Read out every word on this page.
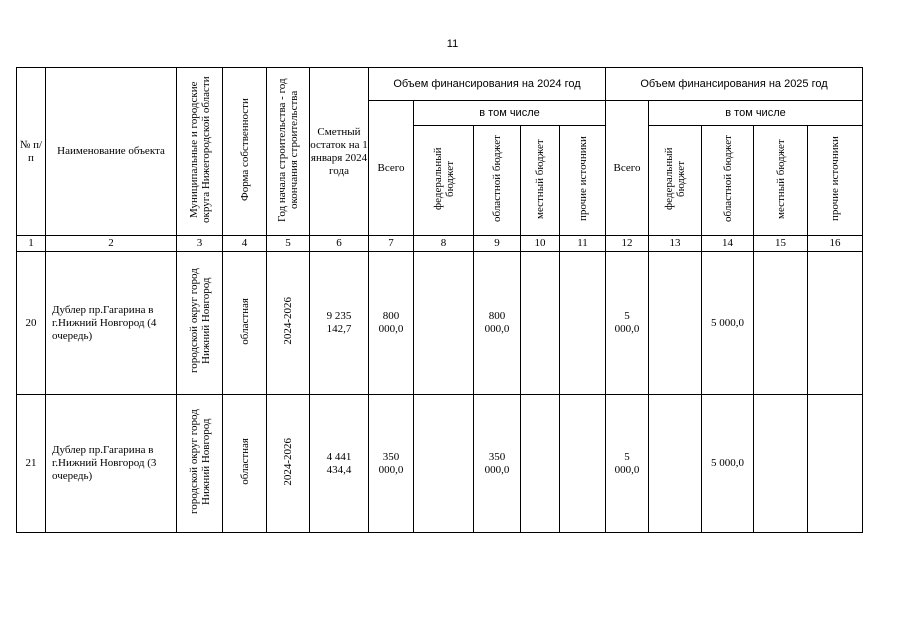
11
№ п/п	Наименование объекта	Муниципальные и городские округа Нижегородской области	Форма собственности	Год начала строительства - год окончания строительства	Сметный остаток на 1 января 2024 года	Объем финансирования на 2024 год					Объем финансирования на 2025 год				
						Всего	в том числе				Всего	в том числе			
							федеральный бюджет	областной бюджет	местный бюджет	прочие источники		федеральный бюджет	областной бюджет	местный бюджет	прочие источники
1	2	3	4	5	6	7	8	9	10	11	12	13	14	15	16
20	Дублер пр.Гагарина в г.Нижний Новгород (4 очередь)	городской округ город Нижний Новгород	областная	2024-2026	9 235 142,7	800 000,0		800 000,0			5 000,0		5 000,0		
21	Дублер пр.Гагарина в г.Нижний Новгород (3 очередь)	городской округ город Нижний Новгород	областная	2024-2026	4 441 434,4	350 000,0		350 000,0			5 000,0		5 000,0		
